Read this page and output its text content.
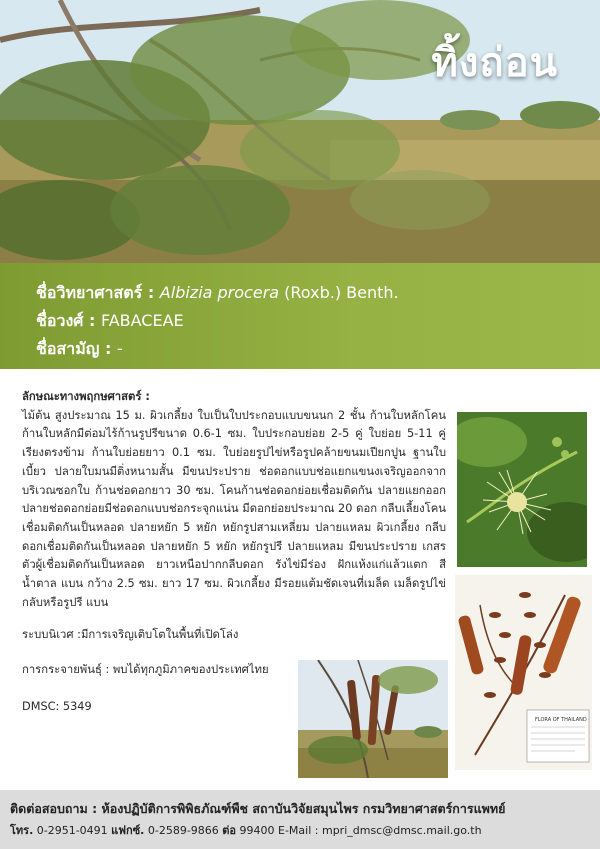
ทิ้งถ่อน
ชื่อวิทยาศาสตร์ : Albizia procera (Roxb.) Benth.
ชื่อวงศ์ : FABACEAE
ชื่อสามัญ : -
ลักษณะทางพฤกษศาสตร์ :
ไม้ต้น สูงประมาณ 15 ม. ผิวเกลี้ยง ใบเป็นใบประกอบแบบขนนก 2 ชั้น ก้านใบหลักโคนก้านใบหลักมีต่อมไร้ก้านรูปรีขนาด 0.6-1 ซม. ใบประกอบย่อย 2-5 คู่ ใบย่อย 5-11 คู่ เรียงตรงข้าม ก้านใบย่อยยาว 0.1 ซม. ใบย่อยรูปไข่หรือรูปคล้ายขนมเปียกปูน ฐานใบเบี้ยว ปลายใบมนมีติ่งหนามสั้น มีขนประปราย ช่อดอกแบบช่อแยกแขนงเจริญออกจากบริเวณซอกใบ ก้านช่อดอกยาว 30 ซม. โคนก้านช่อดอกย่อยเชื่อมติดกัน ปลายแยกออก ปลายช่อดอกย่อยมีช่อดอกแบบช่อกระจุกแน่น มีดอกย่อยประมาณ 20 ดอก กลีบเลี้ยงโคนเชื่อมติดกันเป็นหลอด ปลายหยัก 5 หยัก หยักรูปสามเหลี่ยม ปลายแหลม ผิวเกลี้ยง กลีบดอกเชื่อมติดกันเป็นหลอด ปลายหยัก 5 หยัก หยักรูปรี ปลายแหลม มีขนประปราย เกสรตัวผู้เชื่อมติดกันเป็นหลอด ยาวเหนือปากกลีบดอก รังไข่มีร่อง ฝักแห้งแก่แล้วแตก สีน้ำตาล แบน กว้าง 2.5 ซม. ยาว 17 ซม. ผิวเกลี้ยง มีรอยแต้มชัดเจนที่เมล็ด เมล็ดรูปไข่กลับหรือรูปรี แบน
ระบบนิเวศ :มีการเจริญเติบโตในพื้นที่เปิดโล่ง
การกระจายพันธุ์ : พบได้ทุกภูมิภาคของประเทศไทย
DMSC: 5349
FLORA OF THAILAND
ติดต่อสอบถาม : ห้องปฏิบัติการพิพิธภัณฑ์พืช สถาบันวิจัยสมุนไพร กรมวิทยาศาสตร์การแพทย์
โทร. 0-2951-0491 แฟกซ์. 0-2589-9866 ต่อ 99400 E-Mail : mpri_dmsc@dmsc.mail.go.th
